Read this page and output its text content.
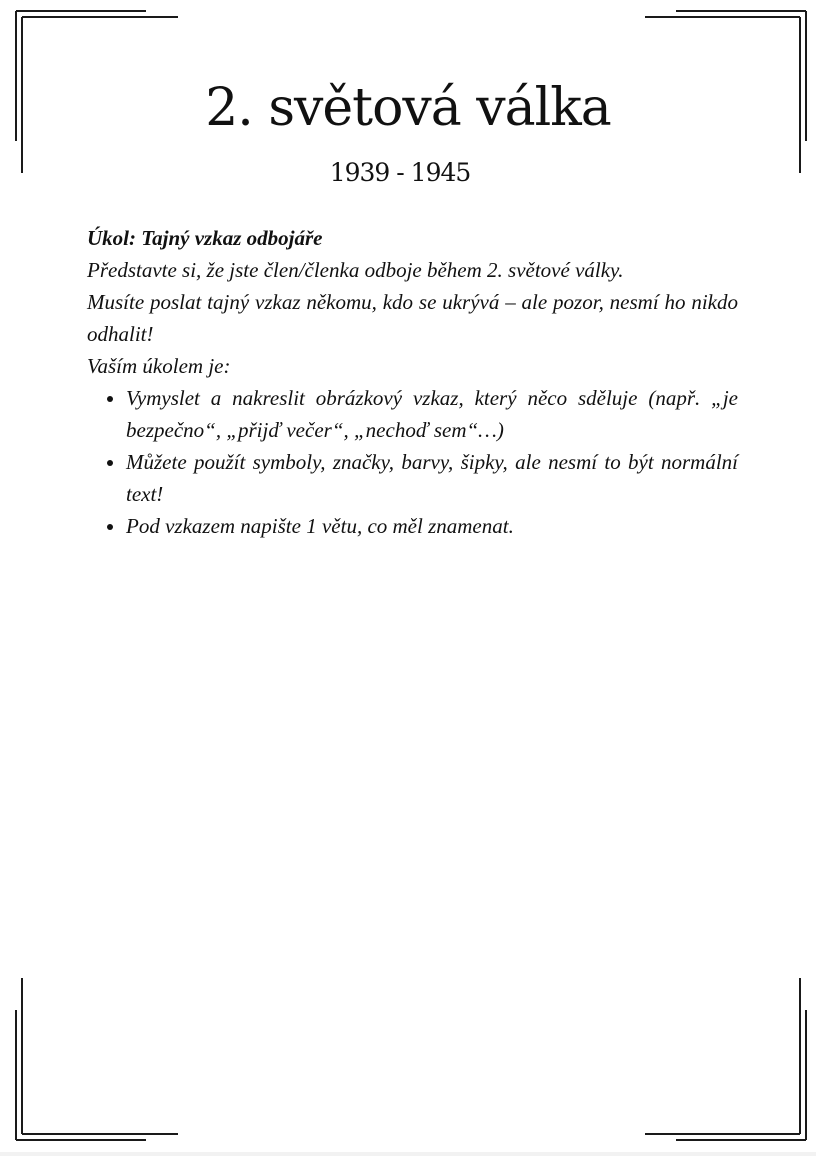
2. světová válka
1939 - 1945

Úkol: Tajný vzkaz odbojáře

Představte si, že jste člen/členka odboje během 2. světové války.

Musíte poslat tajný vzkaz někomu, kdo se ukrývá – ale pozor, nesmí ho nikdo odhalit!

Vaším úkolem je:

• Vymyslet a nakreslit obrázkový vzkaz, který něco sděluje (např. „je bezpečno“, „přijď večer“, „nechoď sem“…)
• Můžete použít symboly, značky, barvy, šipky, ale nesmí to být normální text!
• Pod vzkazem napište 1 větu, co měl znamenat.
